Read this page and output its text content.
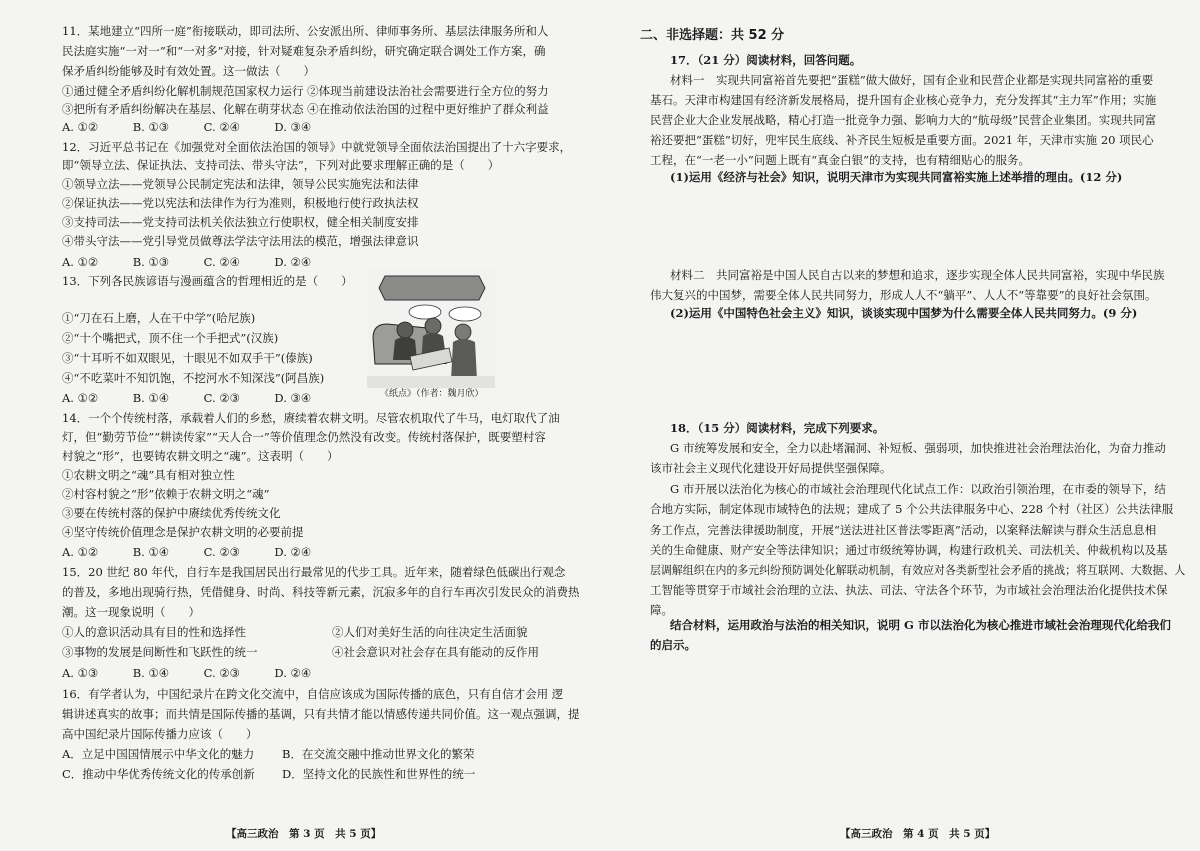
11．某地建立“四所一庭”衔接联动，即司法所、公安派出所、律师事务所、基层法律服务所和人
民法庭实施“一对一”和“一对多”对接，针对疑难复杂矛盾纠纷，研究确定联合调处工作方案，确
保矛盾纠纷能够及时有效处置。这一做法（　　）
①通过健全矛盾纠纷化解机制规范国家权力运行 ②体现当前建设法治社会需要进行全方位的努力
③把所有矛盾纠纷解决在基层、化解在萌芽状态 ④在推动依法治国的过程中更好维护了群众利益
A. ①②　　　B. ①③　　　C. ②④　　　D. ③④
12．习近平总书记在《加强党对全面依法治国的领导》中就党领导全面依法治国提出了十六字要求，
即“领导立法、保证执法、支持司法、带头守法”，下列对此要求理解正确的是（　　）
①领导立法——党领导公民制定宪法和法律，领导公民实施宪法和法律
②保证执法——党以宪法和法律作为行为准则，积极地行使行政执法权
③支持司法——党支持司法机关依法独立行使职权，健全相关制度安排
④带头守法——党引导党员做尊法学法守法用法的模范，增强法律意识
A. ①②　　　B. ①③　　　C. ②④　　　D. ②④
13．下列各民族谚语与漫画蕴含的哲理相近的是（　　）
①“刀在石上磨，人在干中学”(哈尼族)
②“十个嘴把式，顶不住一个手把式”(汉族)
③“十耳听不如双眼见，十眼见不如双手干”(傣族)
④“不吃菜叶不知饥饱，不挖河水不知深浅”(阿昌族)
A. ①②　　　B. ①④　　　C. ②③　　　D. ③④	《纸点》（作者：魏月欣）
14．一个个传统村落，承载着人们的乡愁，赓续着农耕文明。尽管农机取代了牛马，电灯取代了油
灯，但“勤劳节俭”“耕读传家”“天人合一”等价值理念仍然没有改变。传统村落保护，既要塑村容
村貌之“形”，也要铸农耕文明之“魂”。这表明（　　）
①农耕文明之“魂”具有相对独立性
②村容村貌之“形”依赖于农耕文明之“魂”
③要在传统村落的保护中赓续优秀传统文化
④坚守传统价值理念是保护农耕文明的必要前提
A. ①②　　　B. ①④　　　C. ②③　　　D. ②④
15．20 世纪 80 年代，自行车是我国居民出行最常见的代步工具。近年来，随着绿色低碳出行观念
的普及，多地出现骑行热，凭借健身、时尚、科技等新元素，沉寂多年的自行车再次引发民众的消费热
潮。这一现象说明（　　）
①人的意识活动具有目的性和选择性	②人们对美好生活的向往决定生活面貌
③事物的发展是间断性和飞跃性的统一	④社会意识对社会存在具有能动的反作用
A. ①③　　　B. ①④　　　C. ②③　　　D. ②④
16．有学者认为，中国纪录片在跨文化交流中，自信应该成为国际传播的底色，只有自信才会用 逻
辑讲述真实的故事；而共情是国际传播的基调，只有共情才能以情感传递共同价值。这一观点强调，提
高中国纪录片国际传播力应该（　　）
A．立足中国国情展示中华文化的魅力 B．在交流交融中推动世界文化的繁荣
C．推动中华优秀传统文化的传承创新 D．坚持文化的民族性和世界性的统一
【高三政治　第 3 页　共 5 页】
二、非选择题：共 52 分
17．（21 分）阅读材料，回答问题。
材料一　实现共同富裕首先要把“蛋糕”做大做好，国有企业和民营企业都是实现共同富裕的重要
基石。天津市构建国有经济新发展格局，提升国有企业核心竞争力，充分发挥其“主力军”作用；实施
民营企业大企业发展战略，精心打造一批竞争力强、影响力大的“航母级”民营企业集团。实现共同富
裕还要把“蛋糕”切好，兜牢民生底线、补齐民生短板是重要方面。2021 年，天津市实施 20 项民心
工程，在“一老一小”问题上既有“真金白银”的支持，也有精细贴心的服务。
(1)运用《经济与社会》知识，说明天津市为实现共同富裕实施上述举措的理由。(12 分)
材料二　共同富裕是中国人民自古以来的梦想和追求，逐步实现全体人民共同富裕，实现中华民族
伟大复兴的中国梦，需要全体人民共同努力，形成人人不“躺平”、人人不“等靠要”的良好社会氛围。
(2)运用《中国特色社会主义》知识，谈谈实现中国梦为什么需要全体人民共同努力。(9 分)
18．（15 分）阅读材料，完成下列要求。
G 市统筹发展和安全，全力以赴堵漏洞、补短板、强弱项，加快推进社会治理法治化，为奋力推动
该市社会主义现代化建设开好局提供坚强保障。
G 市开展以法治化为核心的市域社会治理现代化试点工作：以政治引领治理，在市委的领导下，结
合地方实际，制定体现市域特色的法规；建成了 5 个公共法律服务中心、228 个村（社区）公共法律服
务工作点，完善法律援助制度，开展“送法进社区普法零距离”活动，以案释法解读与群众生活息息相
关的生命健康、财产安全等法律知识；通过市级统筹协调，构建行政机关、司法机关、仲裁机构以及基
层调解组织在内的多元纠纷预防调处化解联动机制，有效应对各类新型社会矛盾的挑战；将互联网、大数据、人
工智能等贯穿于市域社会治理的立法、执法、司法、守法各个环节，为市域社会治理法治化提供技术保
障。
结合材料，运用政治与法治的相关知识，说明 G 市以法治化为核心推进市域社会治理现代化给我们
的启示。
【高三政治　第 4 页　共 5 页】
